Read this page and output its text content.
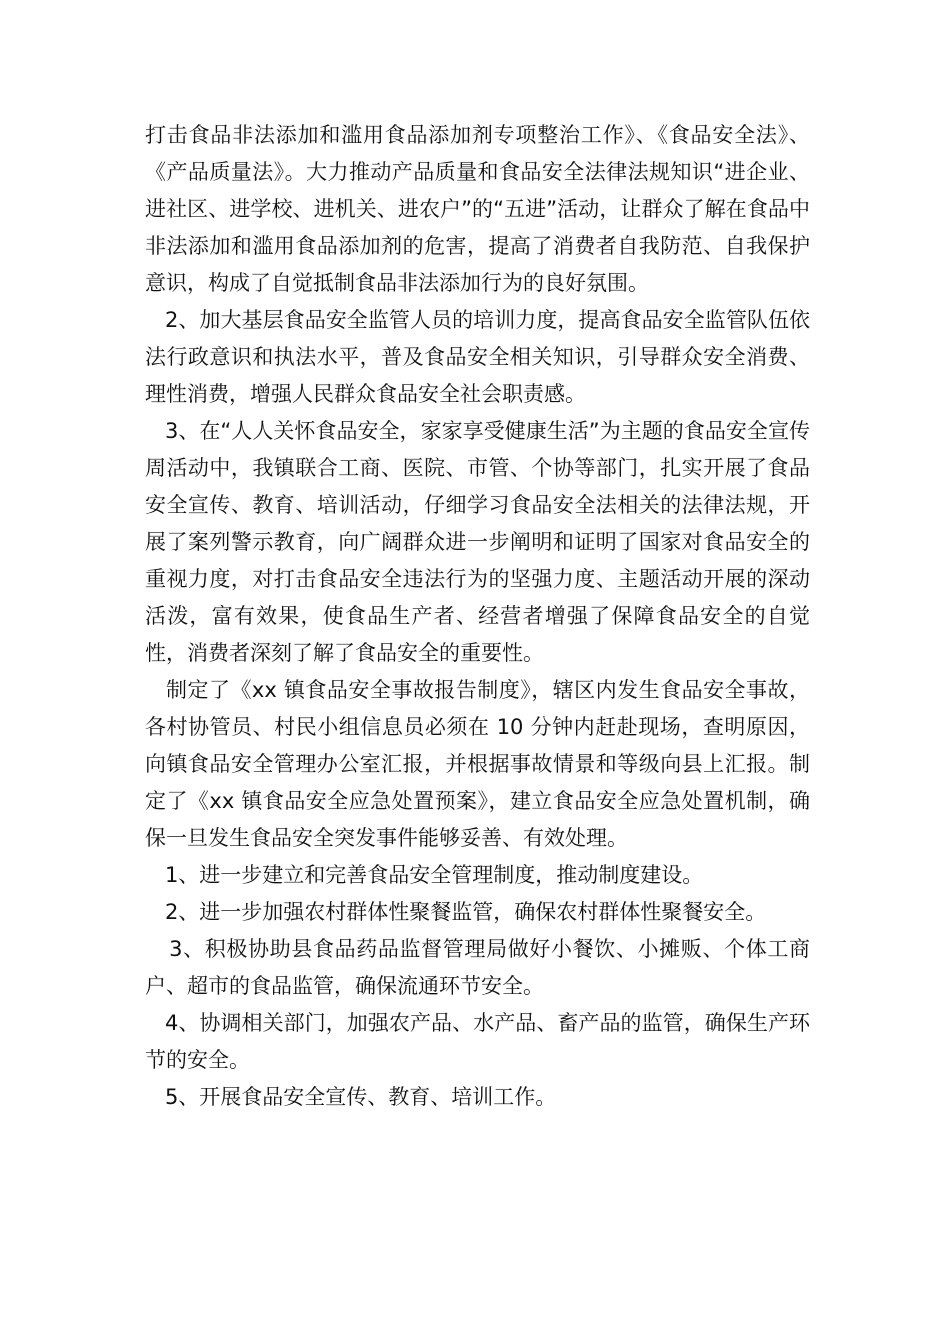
打击食品非法添加和滥用食品添加剂专项整治工作》、《食品安全法》、《产品质量法》。大力推动产品质量和食品安全法律法规知识“进企业、进社区、进学校、进机关、进农户”的“五进”活动，让群众了解在食品中非法添加和滥用食品添加剂的危害，提高了消费者自我防范、自我保护意识，构成了自觉抵制食品非法添加行为的良好氛围。

2、加大基层食品安全监管人员的培训力度，提高食品安全监管队伍依法行政意识和执法水平，普及食品安全相关知识，引导群众安全消费、理性消费，增强人民群众食品安全社会职责感。

3、在“人人关怀食品安全，家家享受健康生活”为主题的食品安全宣传周活动中，我镇联合工商、医院、市管、个协等部门，扎实开展了食品安全宣传、教育、培训活动，仔细学习食品安全法相关的法律法规，开展了案列警示教育，向广阔群众进一步阐明和证明了国家对食品安全的重视力度，对打击食品安全违法行为的坚强力度、主题活动开展的深动活泼，富有效果，使食品生产者、经营者增强了保障食品安全的自觉性，消费者深刻了解了食品安全的重要性。

制定了《xx 镇食品安全事故报告制度》，辖区内发生食品安全事故，各村协管员、村民小组信息员必须在 10 分钟内赶赴现场，查明原因，向镇食品安全管理办公室汇报，并根据事故情景和等级向县上汇报。制定了《xx 镇食品安全应急处置预案》，建立食品安全应急处置机制，确保一旦发生食品安全突发事件能够妥善、有效处理。

1、进一步建立和完善食品安全管理制度，推动制度建设。

2、进一步加强农村群体性聚餐监管，确保农村群体性聚餐安全。

3、积极协助县食品药品监督管理局做好小餐饮、小摊贩、个体工商户、超市的食品监管，确保流通环节安全。

4、协调相关部门，加强农产品、水产品、畜产品的监管，确保生产环节的安全。

5、开展食品安全宣传、教育、培训工作。
